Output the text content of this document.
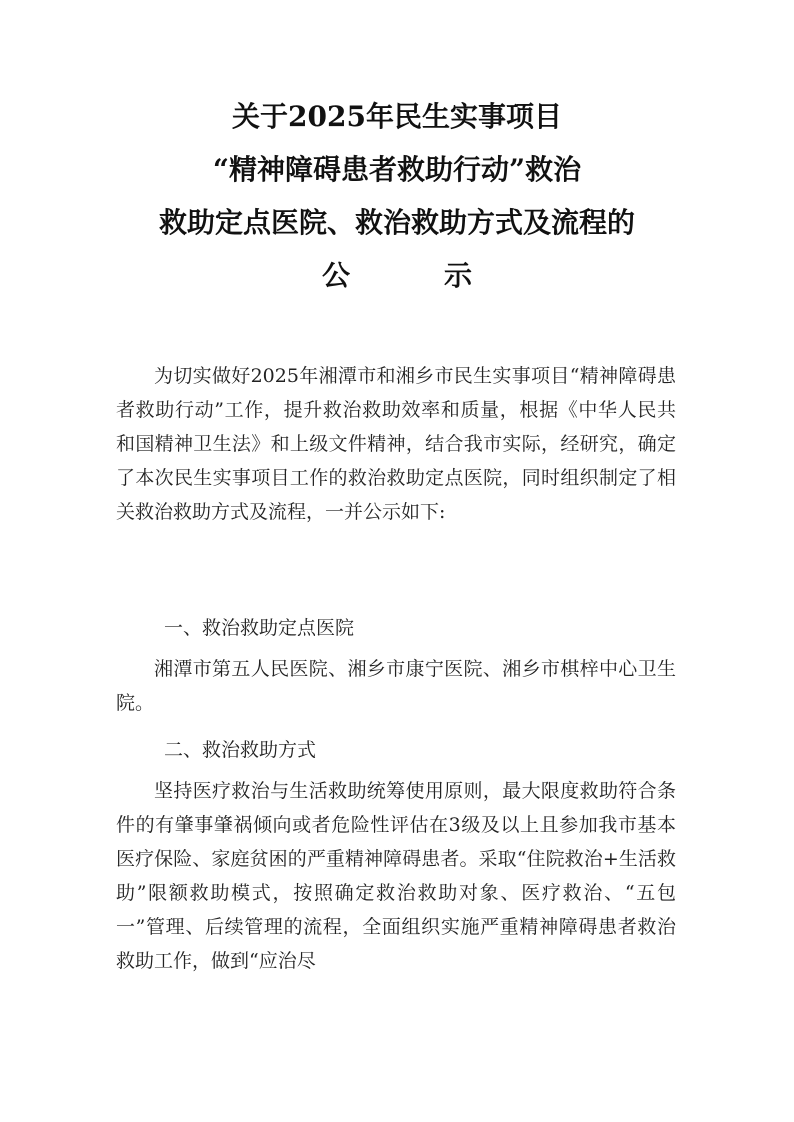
关于2025年民生实事项目
“精神障碍患者救助行动”救治
救助定点医院、救治救助方式及流程的
公	示

为切实做好2025年湘潭市和湘乡市民生实事项目“精神障碍患者救助行动”工作，提升救治救助效率和质量，根据《中华人民共和国精神卫生法》和上级文件精神，结合我市实际，经研究，确定了本次民生实事项目工作的救治救助定点医院，同时组织制定了相关救治救助方式及流程，一并公示如下:

一、救治救助定点医院

湘潭市第五人民医院、湘乡市康宁医院、湘乡市棋梓中心卫生院。

二、救治救助方式

坚持医疗救治与生活救助统筹使用原则，最大限度救助符合条件的有肇事肇祸倾向或者危险性评估在3级及以上且参加我市基本医疗保险、家庭贫困的严重精神障碍患者。采取“住院救治+生活救助”限额救助模式，按照确定救治救助对象、医疗救治、“五包一”管理、后续管理的流程，全面组织实施严重精神障碍患者救治救助工作，做到“应治尽
